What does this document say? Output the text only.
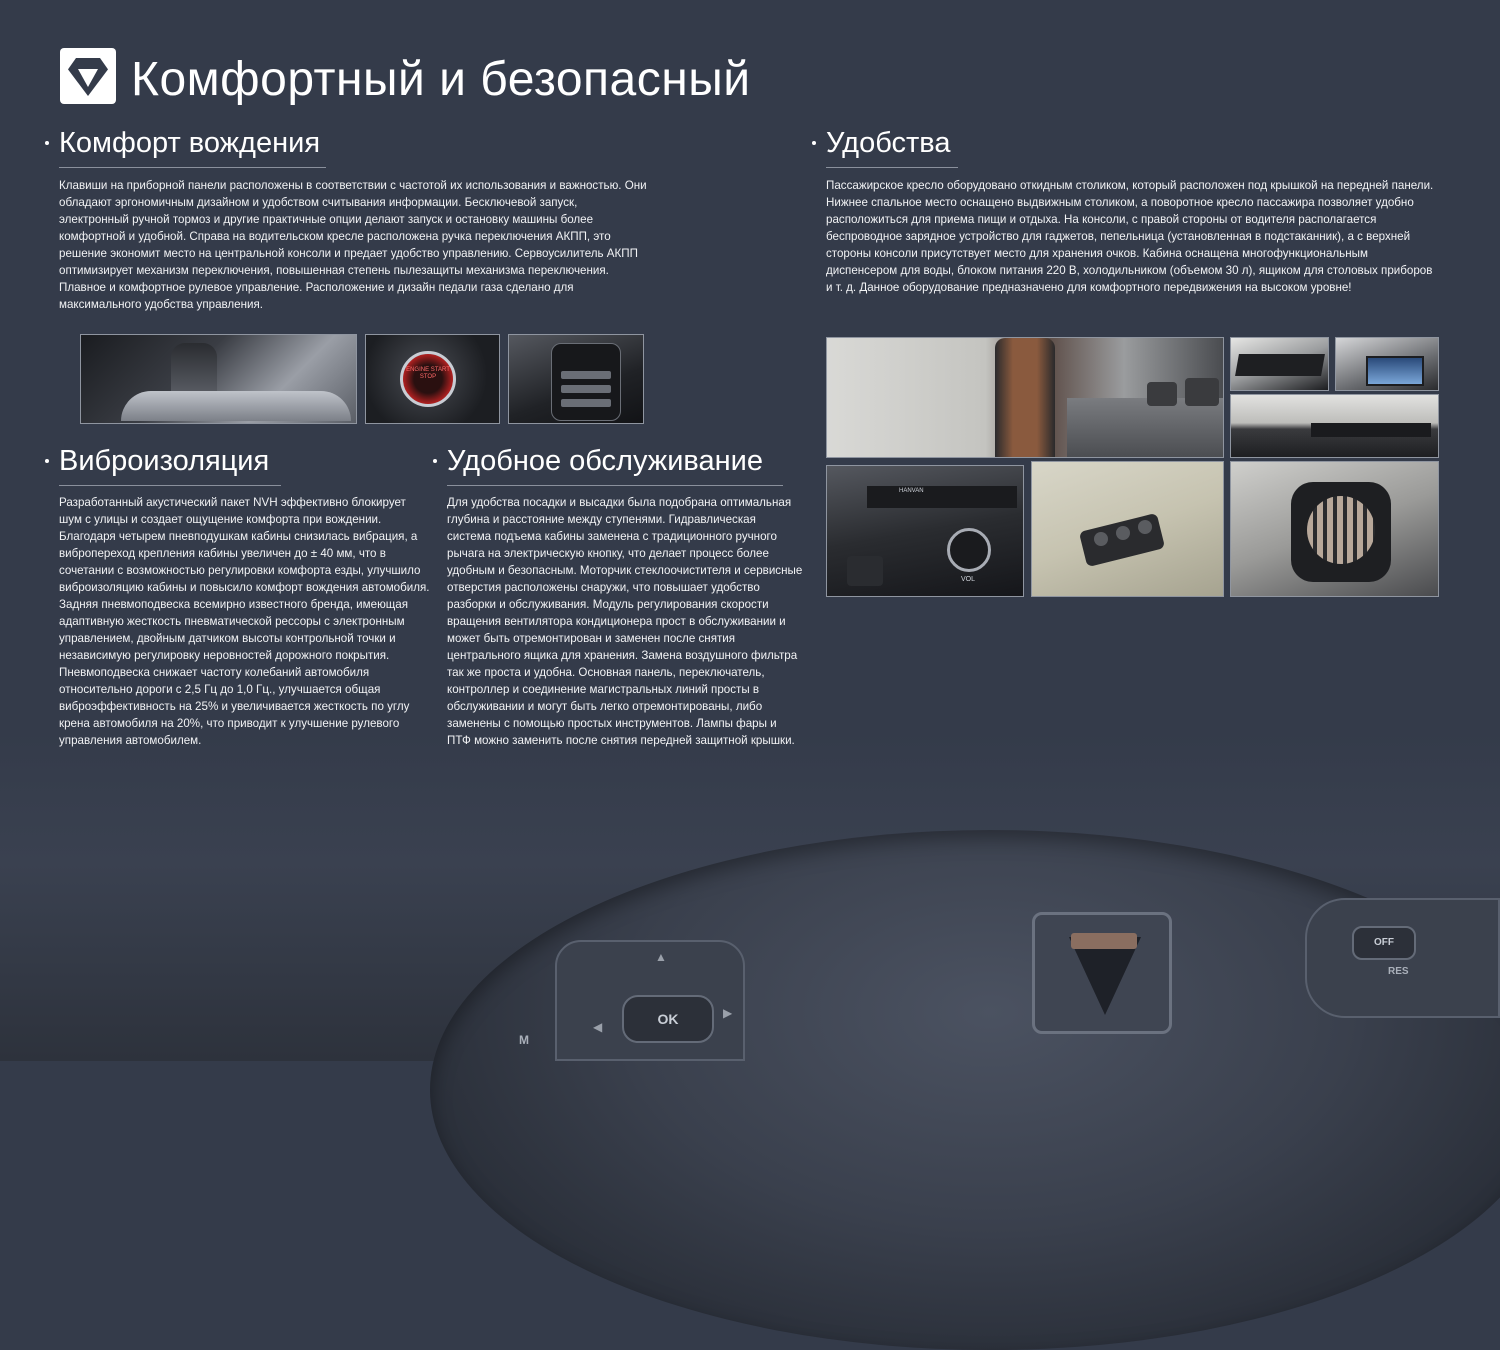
▲
◀
▶
OK
OFF
RES
M
Комфортный и безопасный
Комфорт вождения

Клавиши на приборной панели расположены в соответствии с частотой их использования и важностью. Они обладают эргономичным дизайном и удобством считывания информации. Бесключевой запуск, электронный ручной тормоз и другие практичные опции делают запуск и остановку машины более комфортной и удобной. Справа на водительском кресле расположена ручка переключения АКПП, это решение экономит место на центральной консоли и предает удобство управлению. Сервоусилитель АКПП оптимизирует механизм переключения, повышенная степень пылезащиты механизма переключения. Плавное и комфортное рулевое управление. Расположение и дизайн педали газа сделано для максимального удобства управления.

ENGINE START STOP
Виброизоляция

Разработанный акустический пакет NVH эффективно блокирует шум с улицы и создает ощущение комфорта при вождении. Благодаря четырем пневподушкам кабины снизилась вибрация, а вибропереход крепления кабины увеличен до ± 40 мм, что в сочетании с возможностью регулировки комфорта езды, улучшило виброизоляцию кабины и повысило комфорт вождения автомобиля. Задняя пневмоподвеска всемирно известного бренда, имеющая адаптивную жесткость пневматической рессоры с электронным управлением, двойным датчиком высоты контрольной точки и независимую регулировку неровностей дорожного покрытия. Пневмоподвеска снижает частоту колебаний автомобиля относительно дороги с 2,5 Гц до 1,0 Гц., улучшается общая виброэффективность на 25% и увеличивается жесткость по углу крена автомобиля на 20%, что приводит к улучшение рулевого управления автомобилем.

Удобное обслуживание

Для удобства посадки и высадки была подобрана оптимальная глубина и расстояние между ступенями. Гидравлическая система подъема кабины заменена с традиционного ручного рычага на электрическую кнопку, что делает процесс более удобным и безопасным. Моторчик стеклоочистителя и сервисные отверстия расположены снаружи, что повышает удобство разборки и обслуживания. Модуль регулирования скорости вращения вентилятора кондиционера прост в обслуживании и может быть отремонтирован и заменен после снятия центрального ящика для хранения. Замена воздушного фильтра так же проста и удобна. Основная панель, переключатель, контроллер и соединение магистральных линий просты в обслуживании и могут быть легко отремонтированы, либо заменены с помощью простых инструментов. Лампы фары и ПТФ можно заменить после снятия передней защитной крышки.

Удобства

Пассажирское кресло оборудовано откидным столиком, который расположен под крышкой на передней панели. Нижнее спальное место оснащено выдвижным столиком, а поворотное кресло пассажира позволяет удобно расположиться для приема пищи и отдыха. На консоли, с правой стороны от водителя располагается беспроводное зарядное устройство для гаджетов, пепельница (установленная в подстаканник), а с верхней стороны консоли присутствует место для хранения очков. Кабина оснащена многофункциональным диспенсером для воды, блоком питания 220 В, холодильником (объемом 30 л), ящиком для столовых приборов и т. д. Данное оборудование предназначено для комфортного передвижения на высоком уровне!

HANVAN
VOL
